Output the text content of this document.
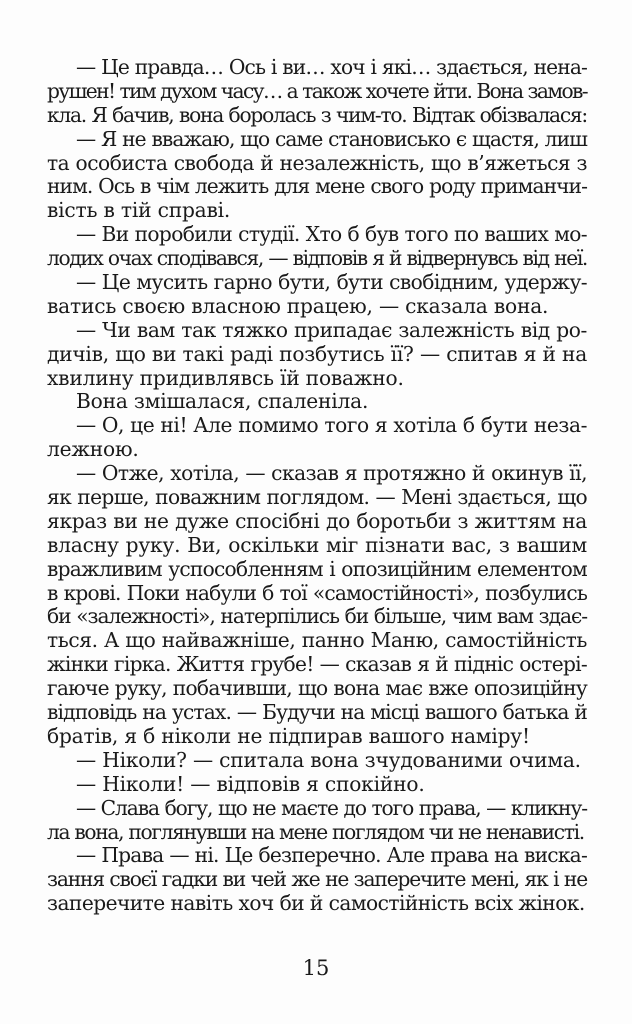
— Це правда… Ось і ви… хоч і які… здається, нена-
рушен! тим духом часу… а також хочете йти. Вона замов-
кла. Я бачив, вона боролась з чим-то. Відтак обізвалася:
— Я не вважаю, що саме становисько є щастя, лиш
та особиста свобода й незалежність, що в’яжеться з
ним. Ось в чім лежить для мене свого роду приманчи-
вість в тій справі.
— Ви поробили студії. Хто б був того по ваших мо-
лодих очах сподівався, — відповів я й відвернувсь від неї.
— Це мусить гарно бути, бути свобідним, удержу-
ватись своєю власною працею, — сказала вона.
— Чи вам так тяжко припадає залежність від ро-
дичів, що ви такі раді позбутись її? — спитав я й на
хвилину придивлявсь їй поважно.
Вона змішалася, спаленіла.
— О, це ні! Але помимо того я хотіла б бути неза-
лежною.
— Отже, хотіла, — сказав я протяжно й окинув її,
як перше, поважним поглядом. — Мені здається, що
якраз ви не дуже спосібні до боротьби з життям на
власну руку. Ви, оскільки міг пізнати вас, з вашим
вражливим успособленням і опозиційним елементом
в крові. Поки набули б тої «самостійності», позбулись
би «залежності», натерпілись би більше, чим вам здає-
ться. А що найважніше, панно Маню, самостійність
жінки гірка. Життя грубе! — сказав я й підніс остері-
гаюче руку, побачивши, що вона має вже опозиційну
відповідь на устах. — Будучи на місці вашого батька й
братів, я б ніколи не підпирав вашого наміру!
— Ніколи? — спитала вона зчудованими очима.
— Ніколи! — відповів я спокійно.
— Слава богу, що не маєте до того права, — кликну-
ла вона, поглянувши на мене поглядом чи не ненависті.
— Права — ні. Це безперечно. Але права на виска-
зання своєї гадки ви чей же не заперечите мені, як і не
заперечите навіть хоч би й самостійність всіх жінок.
15
